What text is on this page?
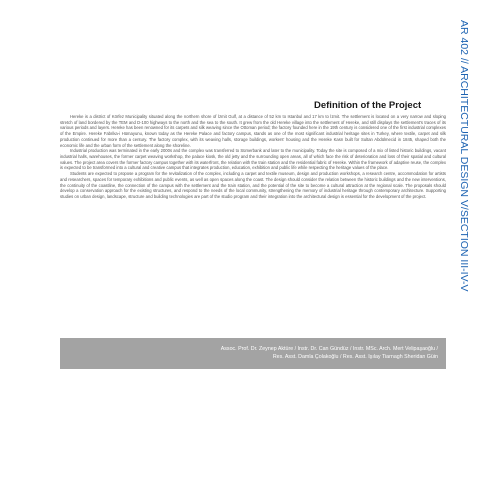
AR 402 // ARCHITECTURAL DESIGN V/SECTION III-IV-V
Definition of the Project

Hereke is a district of Körfez Municipality situated along the northern shore of İzmit Gulf, at a distance of 52 km to Istanbul and 17 km to İzmit. The settlement is located on a very narrow and sloping stretch of land bordered by the TEM and D-100 highways to the north and the sea to the south. It grew from the old Hereke village into the settlement of Hereke, and still displays the settlement's traces of its various periods and layers. Hereke has been renowned for its carpets and silk weaving since the Ottoman period; the factory founded here in the 19th century is considered one of the first industrial complexes of the Empire. Hereke Fabrika-i Hümayunu, known today as the Hereke Palace and factory campus, stands as one of the most significant industrial heritage sites in Turkey, where textile, carpet and silk production continued for more than a century. The factory complex, with its weaving halls, storage buildings, workers' housing and the Hereke Kasrı built for Sultan Abdülmecid in 1845, shaped both the economic life and the urban form of the settlement along the shoreline.

Industrial production was terminated in the early 2000s and the complex was transferred to Sümerbank and later to the municipality. Today the site is composed of a mix of listed historic buildings, vacant industrial halls, warehouses, the former carpet weaving workshop, the palace kiosk, the old jetty and the surrounding open areas, all of which face the risk of deterioration and loss of their spatial and cultural values. The project area covers the former factory campus together with its waterfront, the relation with the train station and the residential fabric of Hereke. Within the framework of adaptive reuse, the complex is expected to be transformed into a cultural and creative campus that integrates production, education, exhibition and public life while respecting the heritage values of the place.

Students are expected to propose a program for the revitalization of the complex, including a carpet and textile museum, design and production workshops, a research centre, accommodation for artists and researchers, spaces for temporary exhibitions and public events, as well as open spaces along the coast. The design should consider the relation between the historic buildings and the new interventions, the continuity of the coastline, the connection of the campus with the settlement and the train station, and the potential of the site to become a cultural attraction at the regional scale. The proposals should develop a conservation approach for the existing structures, and respond to the needs of the local community, strengthening the memory of industrial heritage through contemporary architecture. Supporting studies on urban design, landscape, structure and building technologies are part of the studio program and their integration into the architectural design is essential for the development of the project.

Assoc. Prof. Dr. Zeynep Aktüre / Instr. Dr. Can Gündüz / Instr. MSc. Arch. Mert Velipaşaoğlu /
Res. Asst. Damla Çolakoğlu / Res. Asst. Işılay Tiarnagh Sheridan Güin
